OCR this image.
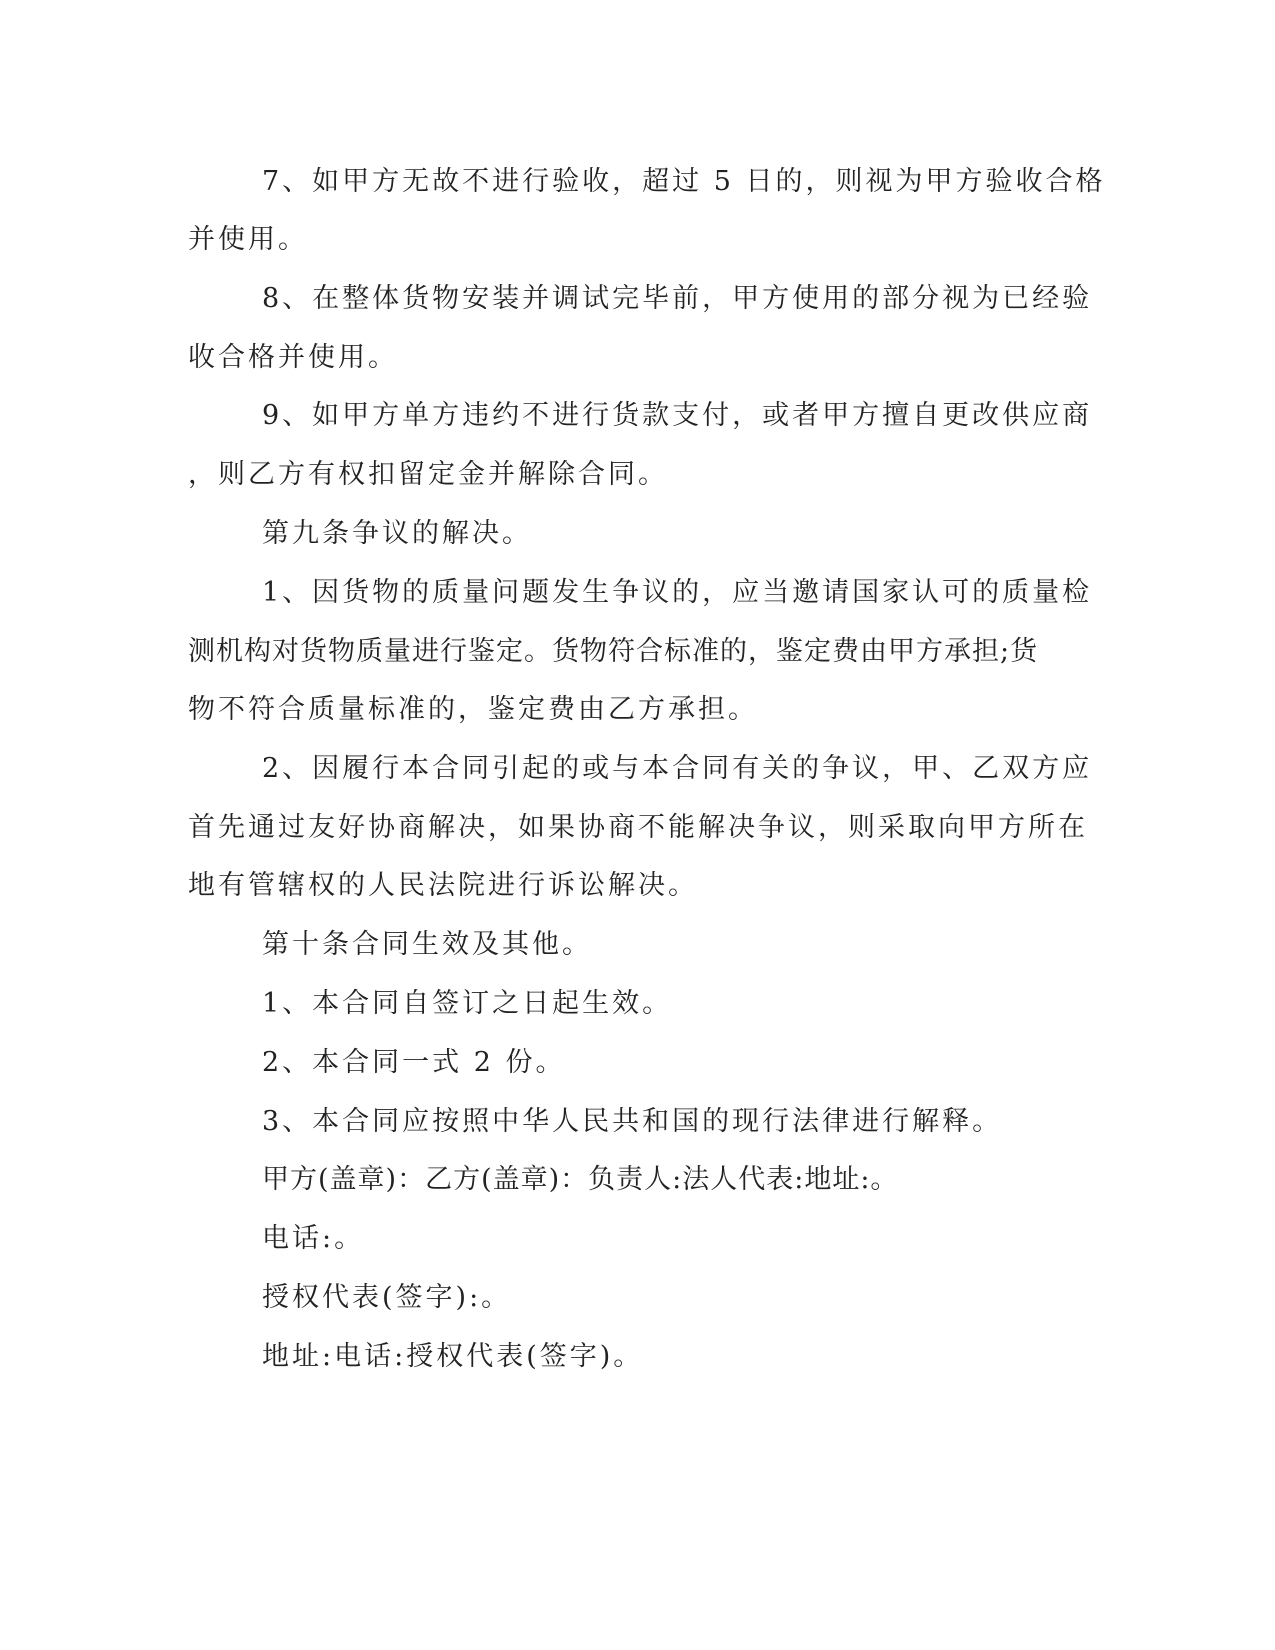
7、如甲方无故不进行验收，超过 5 日的，则视为甲方验收合格

并使用。

8、在整体货物安装并调试完毕前，甲方使用的部分视为已经验

收合格并使用。

9、如甲方单方违约不进行货款支付，或者甲方擅自更改供应商

，则乙方有权扣留定金并解除合同。

第九条争议的解决。

1、因货物的质量问题发生争议的，应当邀请国家认可的质量检

测机构对货物质量进行鉴定。货物符合标准的，鉴定费由甲方承担;货

物不符合质量标准的，鉴定费由乙方承担。

2、因履行本合同引起的或与本合同有关的争议，甲、乙双方应

首先通过友好协商解决，如果协商不能解决争议，则采取向甲方所在

地有管辖权的人民法院进行诉讼解决。

第十条合同生效及其他。

1、本合同自签订之日起生效。

2、本合同一式 2 份。

3、本合同应按照中华人民共和国的现行法律进行解释。

甲方(盖章)：乙方(盖章)：负责人:法人代表:地址:。

电话:。

授权代表(签字):。

地址:电话:授权代表(签字)。
